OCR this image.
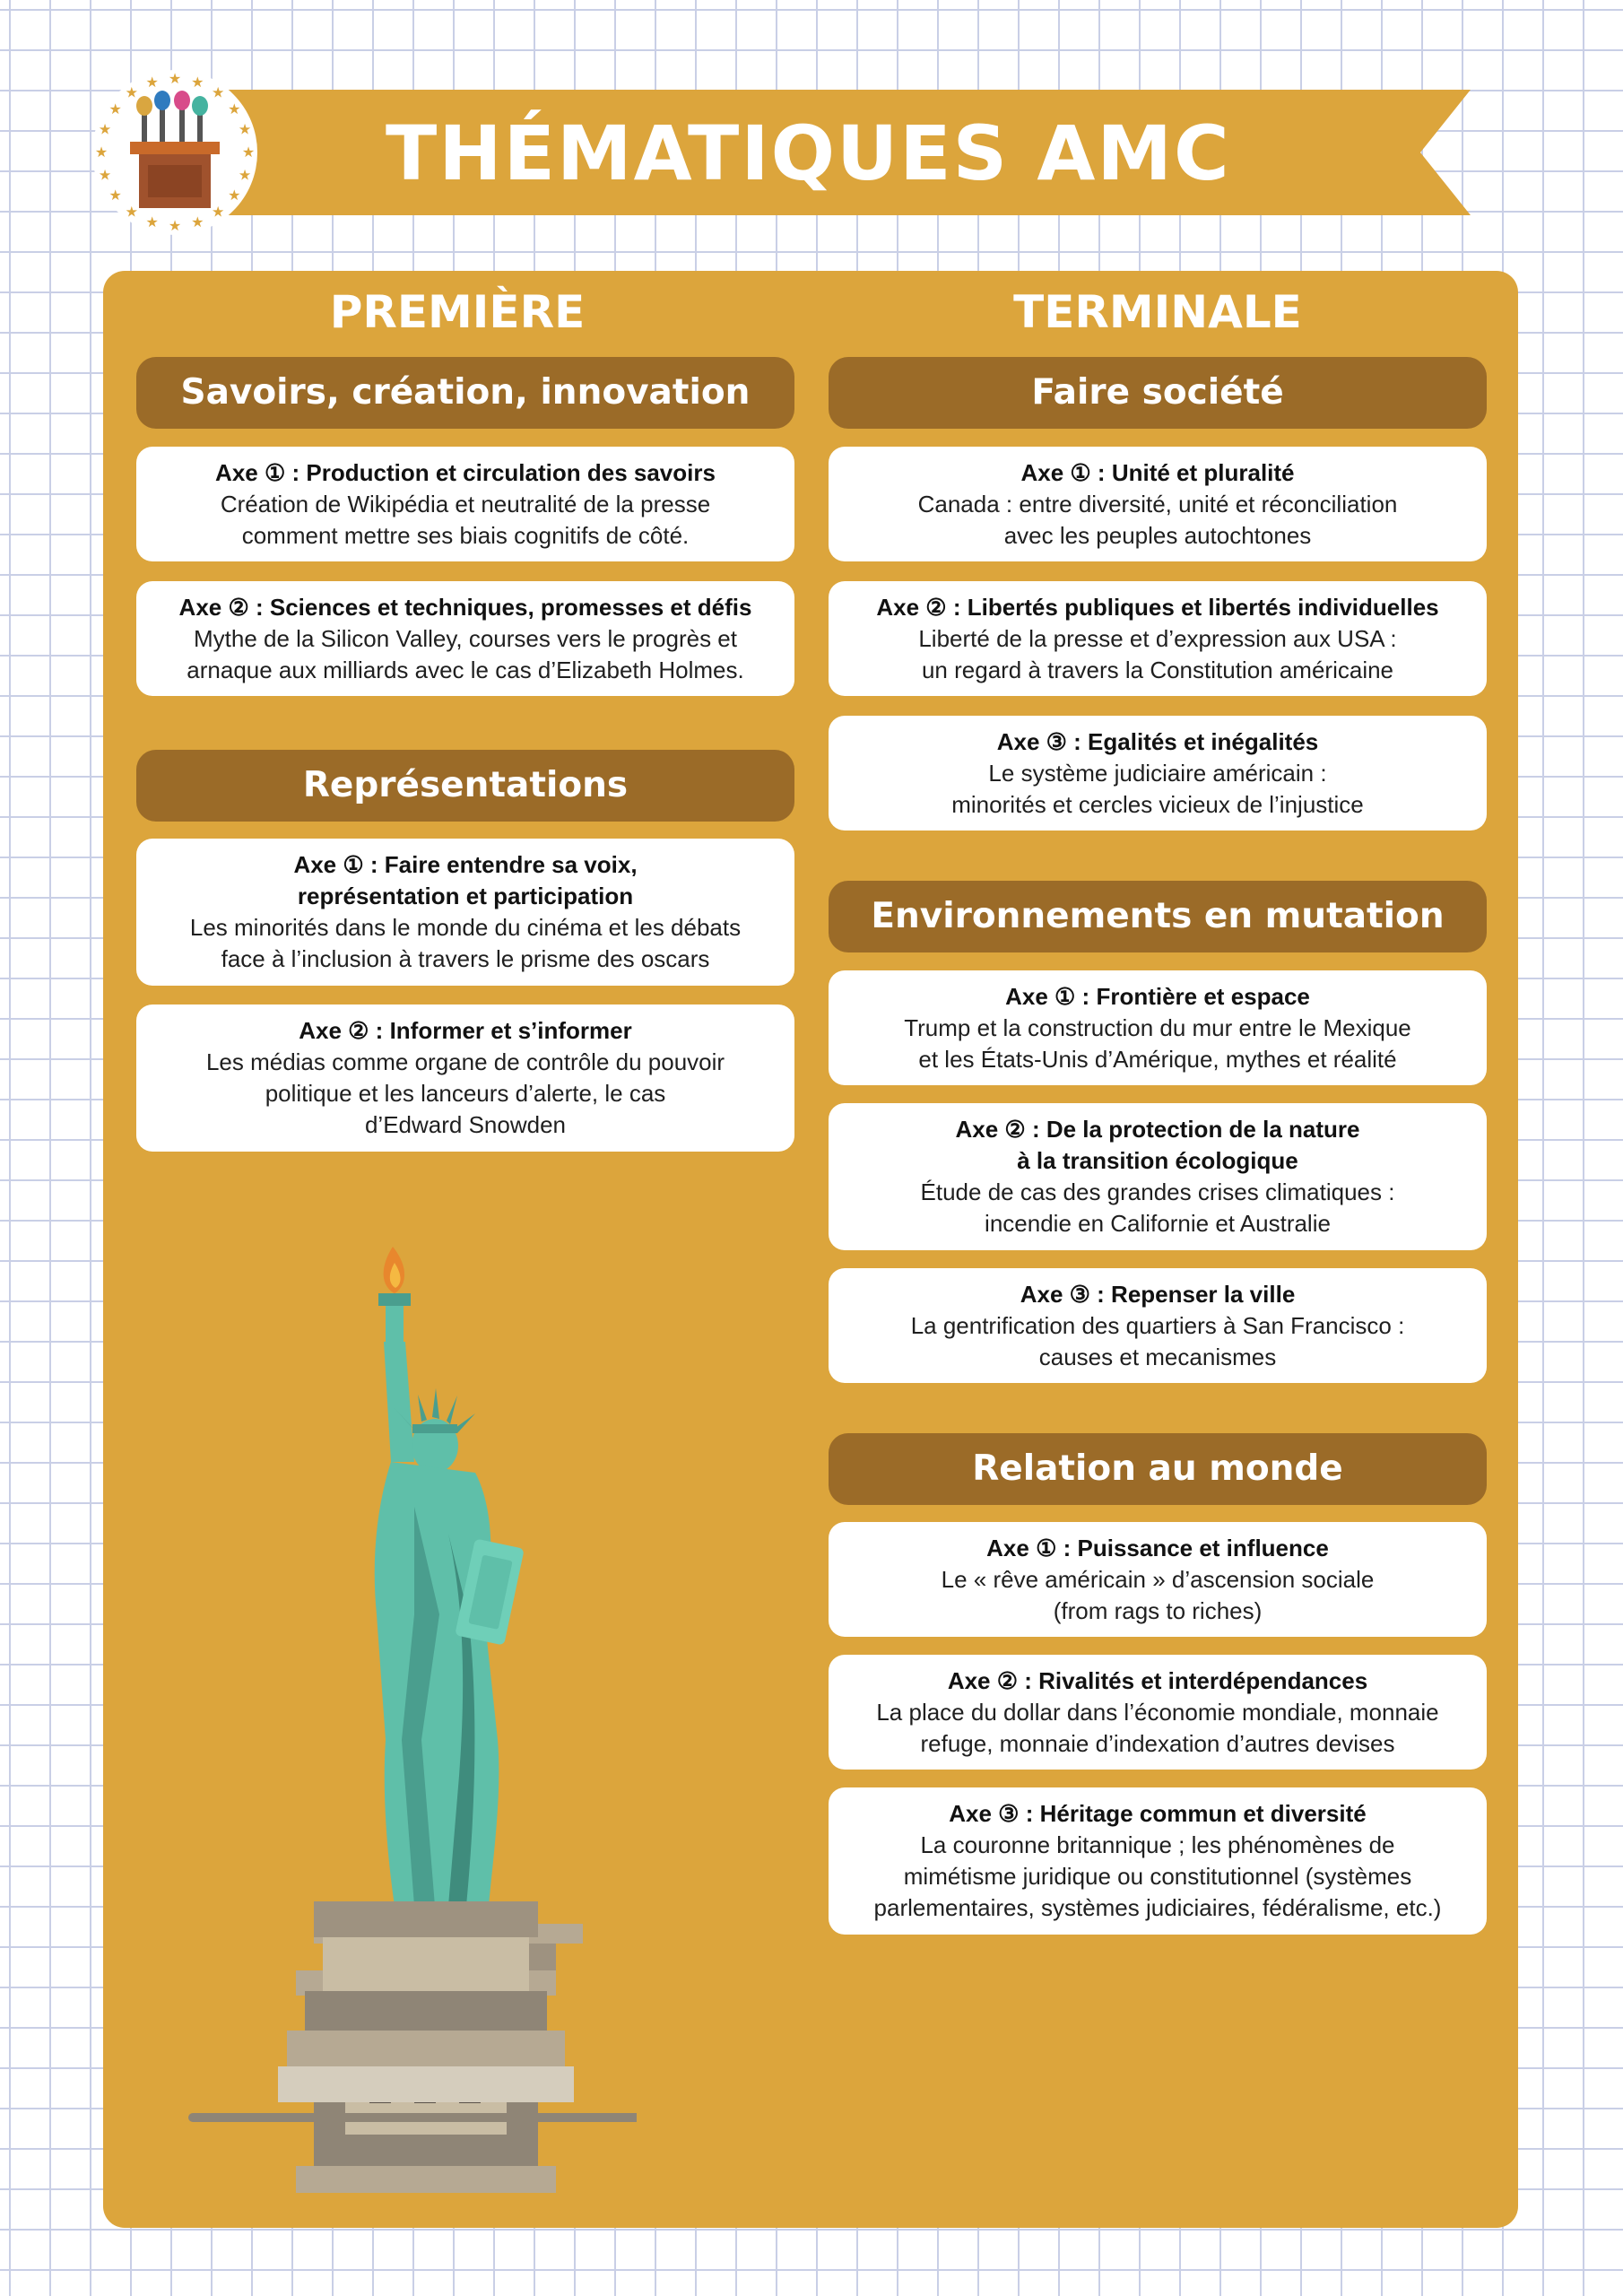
THÉMATIQUES AMC
★
★
★
★
★
★
★
★
★
★
★
★
★
★
★ ★ ★
★
★
★
PREMIÈRE	TERMINALE
Savoirs, création, innovation
Axe ① : Production et circulation des savoirs
Création de Wikipédia et neutralité de la presse
comment mettre ses biais cognitifs de côté.
Axe ② : Sciences et techniques, promesses et défis
Mythe de la Silicon Valley, courses vers le progrès et
arnaque aux milliards avec le cas d’Elizabeth Holmes.
Représentations
Axe ① : Faire entendre sa voix,
représentation et participation
Les minorités dans le monde du cinéma et les débats
face à l’inclusion à travers le prisme des oscars
Axe ② : Informer et s’informer
Les médias comme organe de contrôle du pouvoir
politique et les lanceurs d’alerte, le cas
d’Edward Snowden
Faire société
Axe ① : Unité et pluralité
Canada : entre diversité, unité et réconciliation
avec les peuples autochtones
Axe ② : Libertés publiques et libertés individuelles
Liberté de la presse et d’expression aux USA :
un regard à travers la Constitution américaine
Axe ③ : Egalités et inégalités
Le système judiciaire américain :
minorités et cercles vicieux de l’injustice
Environnements en mutation
Axe ① : Frontière et espace
Trump et la construction du mur entre le Mexique
et les États-Unis d’Amérique, mythes et réalité
Axe ② : De la protection de la nature
à la transition écologique
Étude de cas des grandes crises climatiques :
incendie en Californie et Australie
Axe ③ : Repenser la ville
La gentrification des quartiers à San Francisco :
causes et mecanismes
Relation au monde
Axe ① : Puissance et influence
Le « rêve américain » d’ascension sociale
(from rags to riches)
Axe ② : Rivalités et interdépendances
La place du dollar dans l’économie mondiale, monnaie
refuge, monnaie d’indexation d’autres devises
Axe ③ : Héritage commun et diversité
La couronne britannique ; les phénomènes de
mimétisme juridique ou constitutionnel (systèmes
parlementaires, systèmes judiciaires, fédéralisme, etc.)
